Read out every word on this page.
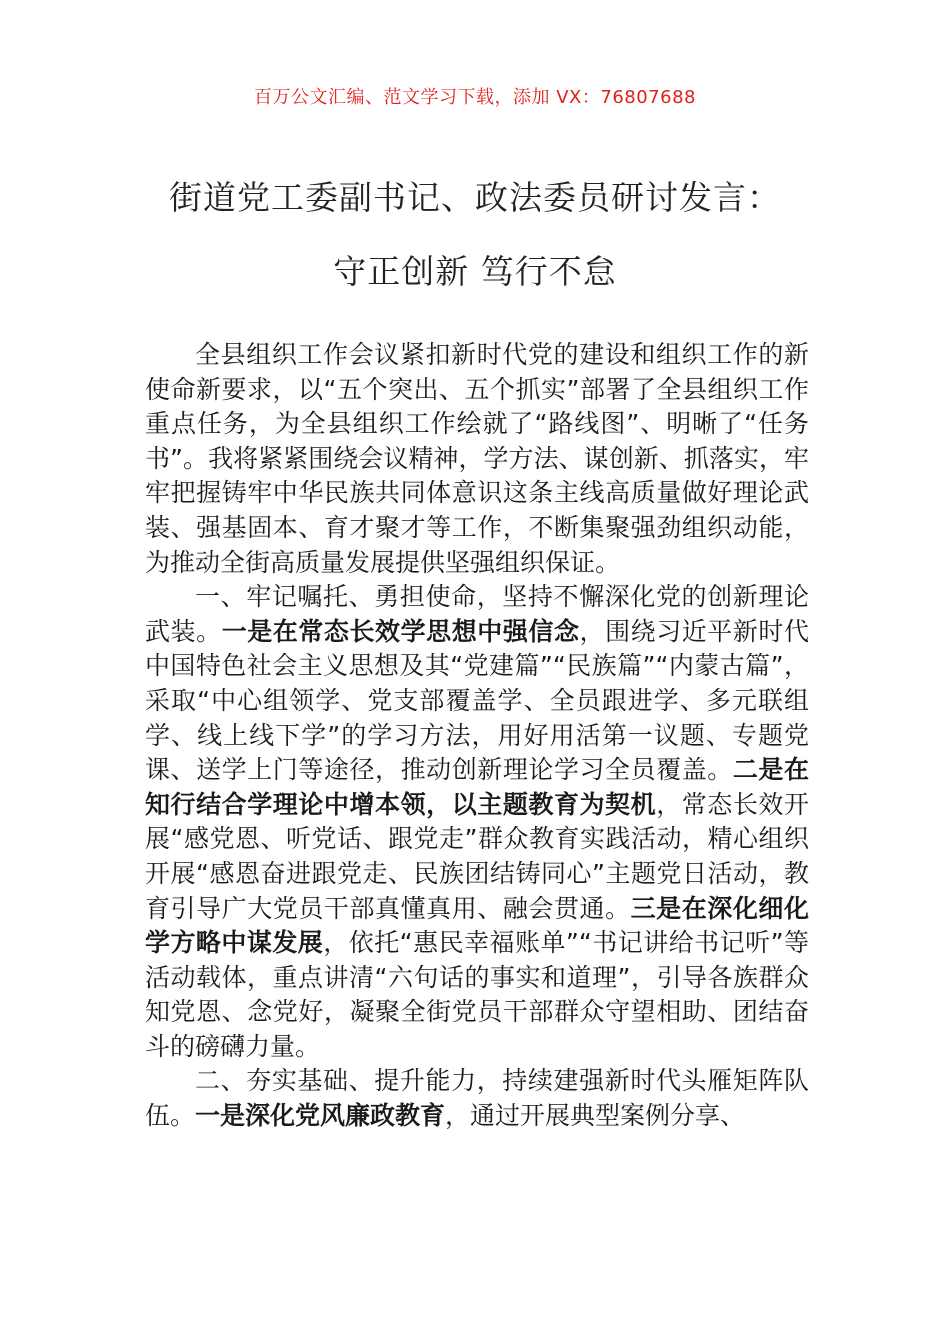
百万公文汇编、范文学习下载，添加 VX：76807688
街道党工委副书记、政法委员研讨发言：
守正创新 笃行不怠

全县组织工作会议紧扣新时代党的建设和组织工作的新使命新要求，以“五个突出、五个抓实”部署了全县组织工作重点任务，为全县组织工作绘就了“路线图”、明晰了“任务书”。我将紧紧围绕会议精神，学方法、谋创新、抓落实，牢牢把握铸牢中华民族共同体意识这条主线高质量做好理论武装、强基固本、育才聚才等工作，不断集聚强劲组织动能，为推动全街高质量发展提供坚强组织保证。

一、牢记嘱托、勇担使命，坚持不懈深化党的创新理论武装。一是在常态长效学思想中强信念，围绕习近平新时代中国特色社会主义思想及其“党建篇”“民族篇”“内蒙古篇”，采取“中心组领学、党支部覆盖学、全员跟进学、多元联组学、线上线下学”的学习方法，用好用活第一议题、专题党课、送学上门等途径，推动创新理论学习全员覆盖。二是在知行结合学理论中增本领，以主题教育为契机，常态长效开展“感党恩、听党话、跟党走”群众教育实践活动，精心组织开展“感恩奋进跟党走、民族团结铸同心”主题党日活动，教育引导广大党员干部真懂真用、融会贯通。三是在深化细化学方略中谋发展，依托“惠民幸福账单”“书记讲给书记听”等活动载体，重点讲清“六句话的事实和道理”，引导各族群众知党恩、念党好，凝聚全街党员干部群众守望相助、团结奋斗的磅礴力量。

二、夯实基础、提升能力，持续建强新时代头雁矩阵队伍。一是深化党风廉政教育，通过开展典型案例分享、
